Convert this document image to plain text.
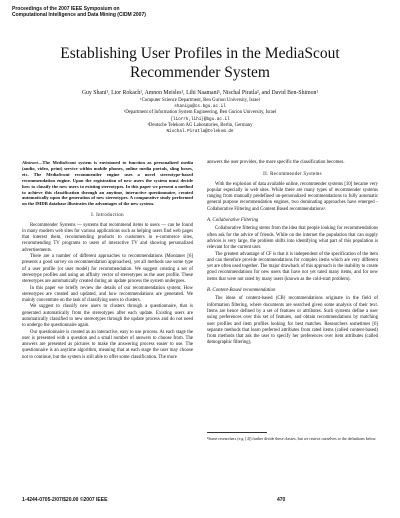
Proceedings of the 2007 IEEE Symposium on
Computational Intelligence and Data Mining (CIDM 2007)
Establishing User Profiles in the MediaScout
Recommender System
Guy Shani¹, Lior Rokach¹, Amnon Meisles¹, Lihi Naamani¹, Nischal Piratla², and David Ben-Shimon¹
¹Computer Science Department, Ben Gurion University, Israel
shanigu@cs.bgu.ac.il
¹Department of Information System Engineering, Ben Gurion University, Israel
{liorrk,lihi}@bgu.ac.il
²Deutsche Telekom AG Laboratories, Berlin, Germany
Nischal.Piratla@telekom.de
Abstract—The MediaScout system is envisioned to function as personalized media (audio, video, print) service within mobile phones, online media portals, sling boxes, etc. The MediaScout recommender engine uses a novel stereotype-based recommendation engine. Upon the registration of new users the system must decide how to classify the new users to existing stereotypes. In this paper we present a method to achieve this classification through an anytime, interactive questionnaire, created automatically upon the generation of new stereotypes. A comparative study performed on the IMDB database illustrates the advantages of the new system.
I. Introduction

Recommender Systems — systems that recommend items to users — can be found in many modern web sites for various applications such as helping users find web pages that interest them, recommending products to customers in e-commerce sites, recommending TV programs to users of interactive TV and showing personalized advertisements.

There are a number of different approaches to recommendations (Montaner [6] presents a good survey on recommendation approaches), yet all methods use some type of a user profile (or user model) for recommendation. We suggest creating a set of stereotype profiles and using an affinity vector of stereotypes as the user profile. These stereotypes are automatically created during an update process the system undergoes.

In this paper we briefly review the details of our recommendation system; How stereotypes are created and updated, and how recommendations are generated. We mainly concentrate on the task of classifying users to clusters.

We suggest to classify new users to clusters through a questionnaire, that is generated automatically from the stereotypes after each update. Existing users are automatically classified to new stereotypes through the update process and do not need to undergo the questionnaire again.

Our questionnaire is created as an interactive, easy to use process. At each stage the user is presented with a question and a small number of answers to choose from. The answers are presented as pictures to make the answering process easier to use. The questionnaire is an anytime algorithm, meaning that at each stage the user may choose not to continue, but the system is still able to offer some classification. The more

answers the user provides, the more specific the classification becomes.

II. Recommender Systems

With the explosion of data available online, recommender systems [10] became very popular especially in web sites. While there are many types of recommender systems ranging from manually predefined un-personalized recommendations to fully automatic general purpose recommendation engines, two dominating approaches have emerged - Collaborative Filtering and Content Based recommendations¹.

A. Collaborative Filtering

Collaborative filtering stems from the idea that people looking for recommendations often ask for the advice of friends. While on the internet the population that can supply advices is very large, the problem shifts into identifying what part of this population is relevant for the current user.

The greatest advantage of CF is that it is independent of the specification of the item and can therefore provide recommendations for complex items which are very different yet are often used together. The major drawback of this approach is the inability to create good recommendations for new users that have not yet rated many items, and for new items that were not rated by many users (known as the cold-start problem).

B. Content-Based recommendation

The ideas of content-based (CB) recommendations originate in the field of information filtering, where documents are searched given some analysis of their text. Items are hence defined by a set of features or attributes. Such systems define a user using preferences over this set of features, and obtain recommendations by matching user profiles and item profiles looking for best matches. Researchers sometimes [6] separate methods that learn preferred attributes from rated items (called content-based) from methods that ask the user to specify her preferences over item attributes (called demographic filtering),

¹Some researchers (e.g. [4]) further divide these classes, but we restrict ourselves to the definitions below.
1-4244-0705-2/07/$20.00 ©2007 IEEE	470
